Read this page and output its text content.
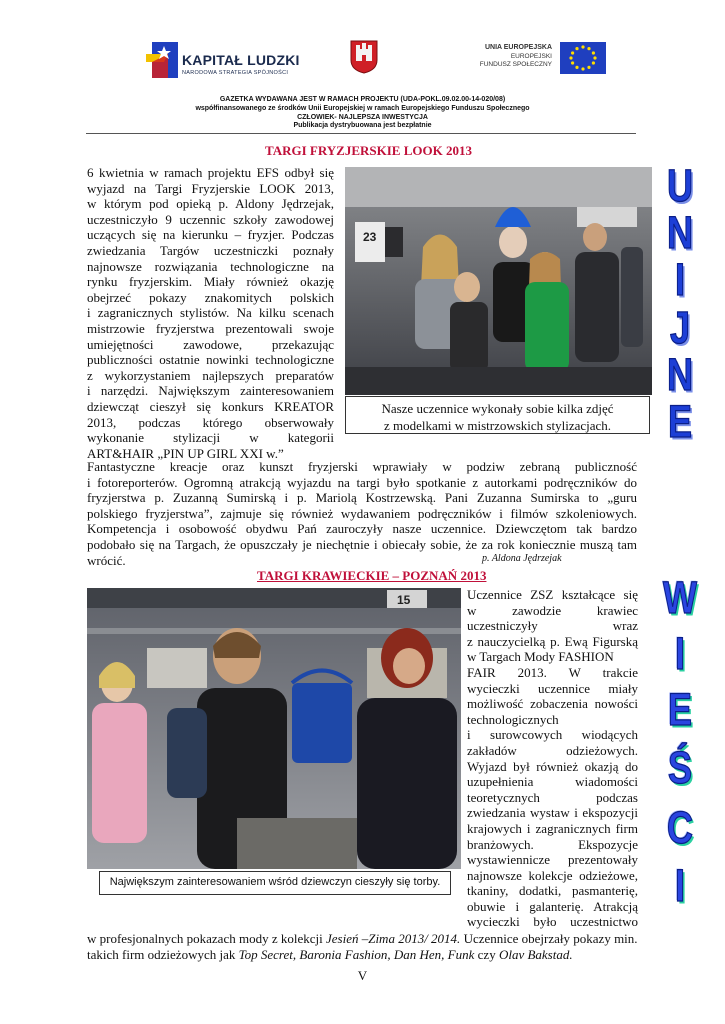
KAPITAŁ LUDZKI
NARODOWA STRATEGIA SPÓJNOŚCI
UNIA EUROPEJSKA
EUROPEJSKI
FUNDUSZ SPOŁECZNY
GAZETKA WYDAWANA JEST W RAMACH PROJEKTU (UDA-POKL.09.02.00-14-020/08)
współfinansowanego ze środków Unii Europejskiej w ramach Europejskiego Funduszu Społecznego
CZŁOWIEK- NAJLEPSZA INWESTYCJA
Publikacja dystrybuowana jest bezpłatnie
TARGI FRYZJERSKIE LOOK 2013
6 kwietnia w ramach projektu EFS odbył się
wyjazd na Targi Fryzjerskie LOOK 2013,
w którym pod opieką p. Aldony Jędrzejak,
uczestniczyło 9 uczennic szkoły zawodowej
uczących się na kierunku – fryzjer. Podczas
zwiedzania Targów uczestniczki poznały
najnowsze rozwiązania technologiczne na
rynku fryzjerskim. Miały również okazję
obejrzeć pokazy znakomitych polskich
i zagranicznych stylistów. Na kilku scenach
mistrzowie fryzjerstwa prezentowali swoje
umiejętności zawodowe, przekazując
publiczności ostatnie nowinki technologiczne
z wykorzystaniem najlepszych preparatów
i narzędzi. Największym zainteresowaniem
dziewcząt cieszył się konkurs KREATOR
2013, podczas którego obserwowały
wykonanie stylizacji w kategorii
ART&HAIR „PIN UP GIRL XXI w.”
23
Nasze uczennice wykonały sobie kilka zdjęć
z modelkami w mistrzowskich stylizacjach.
Fantastyczne kreacje oraz kunszt fryzjerski wprawiały w podziw zebraną publiczność
i fotoreporterów. Ogromną atrakcją wyjazdu na targi było spotkanie z autorkami podręczników do
fryzjerstwa p. Zuzanną Sumirską i p. Mariolą Kostrzewską. Pani Zuzanna Sumirska to „guru
polskiego fryzjerstwa”, zajmuje się również wydawaniem podręczników i filmów szkoleniowych.
Kompetencja i osobowość obydwu Pań zauroczyły nasze uczennice. Dziewczętom tak bardzo
podobało się na Targach, że opuszczały je niechętnie i obiecały sobie, że za rok koniecznie muszą tam
wrócić.	p. Aldona Jędrzejak
TARGI KRAWIECKIE – POZNAŃ 2013
15
Największym zainteresowaniem wśród dziewczyn cieszyły się torby.
Uczennice ZSZ kształcące się
w zawodzie krawiec
uczestniczyły wraz
z nauczycielką p. Ewą Figurską
w Targach Mody FASHION
FAIR 2013. W trakcie
wycieczki uczennice miały
możliwość zobaczenia nowości
technologicznych
i surowcowych wiodących
zakładów odzieżowych.
Wyjazd był również okazją do
uzupełnienia wiadomości
teoretycznych podczas
zwiedzania wystaw i ekspozycji
krajowych i zagranicznych firm
branżowych. Ekspozycje
wystawiennicze prezentowały
najnowsze kolekcje odzieżowe,
tkaniny, dodatki, pasmanterię,
obuwie i galanterię. Atrakcją
wycieczki było uczestnictwo
w profesjonalnych pokazach mody z kolekcji Jesień –Zima 2013/ 2014. Uczennice obejrzały pokazy min.
takich firm odzieżowych jak Top Secret, Baronia Fashion, Dan Hen, Funk czy Olav Bakstad.
V
U
N
I
J
N
E
W
I
E
Ś
C
I
